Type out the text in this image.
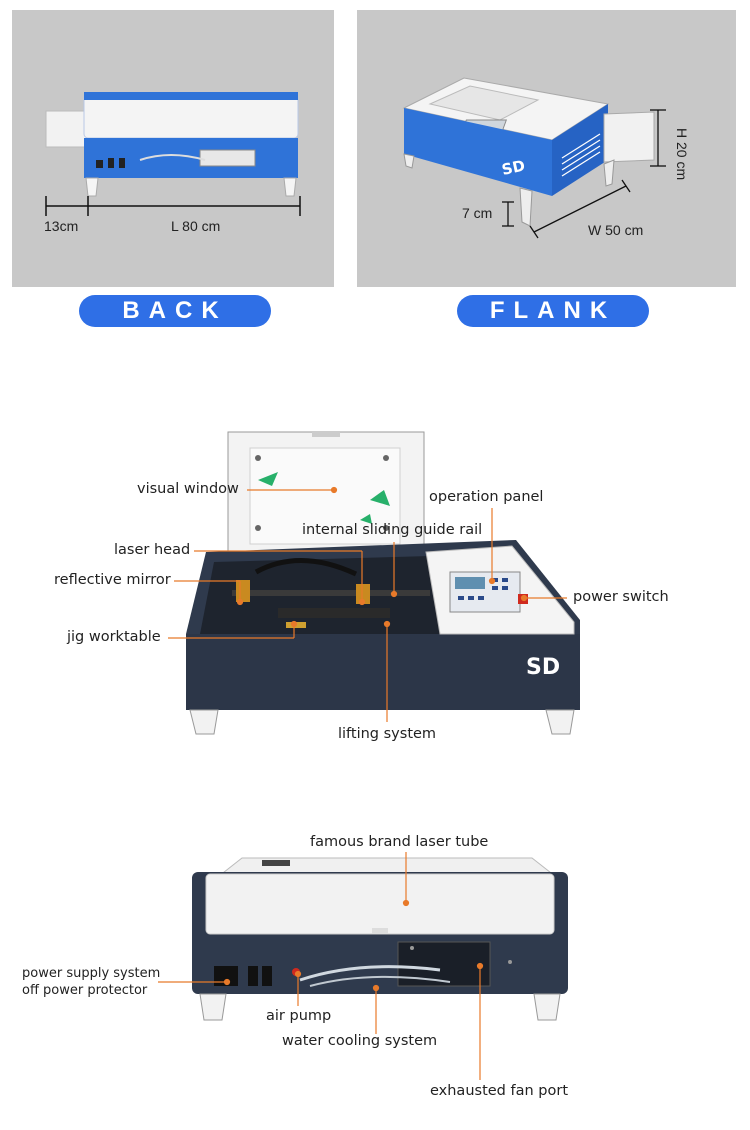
13cm	L 80 cm
BACK
SD	H 20 cm
7 cm
W 50 cm
FLANK
SD
visual window	operation panel
internal sliding guide rail
laser head
reflective mirror
power switch
jig worktable
lifting system
famous brand laser tube
power supply system
off power protector
air pump
water cooling system
exhausted fan port
